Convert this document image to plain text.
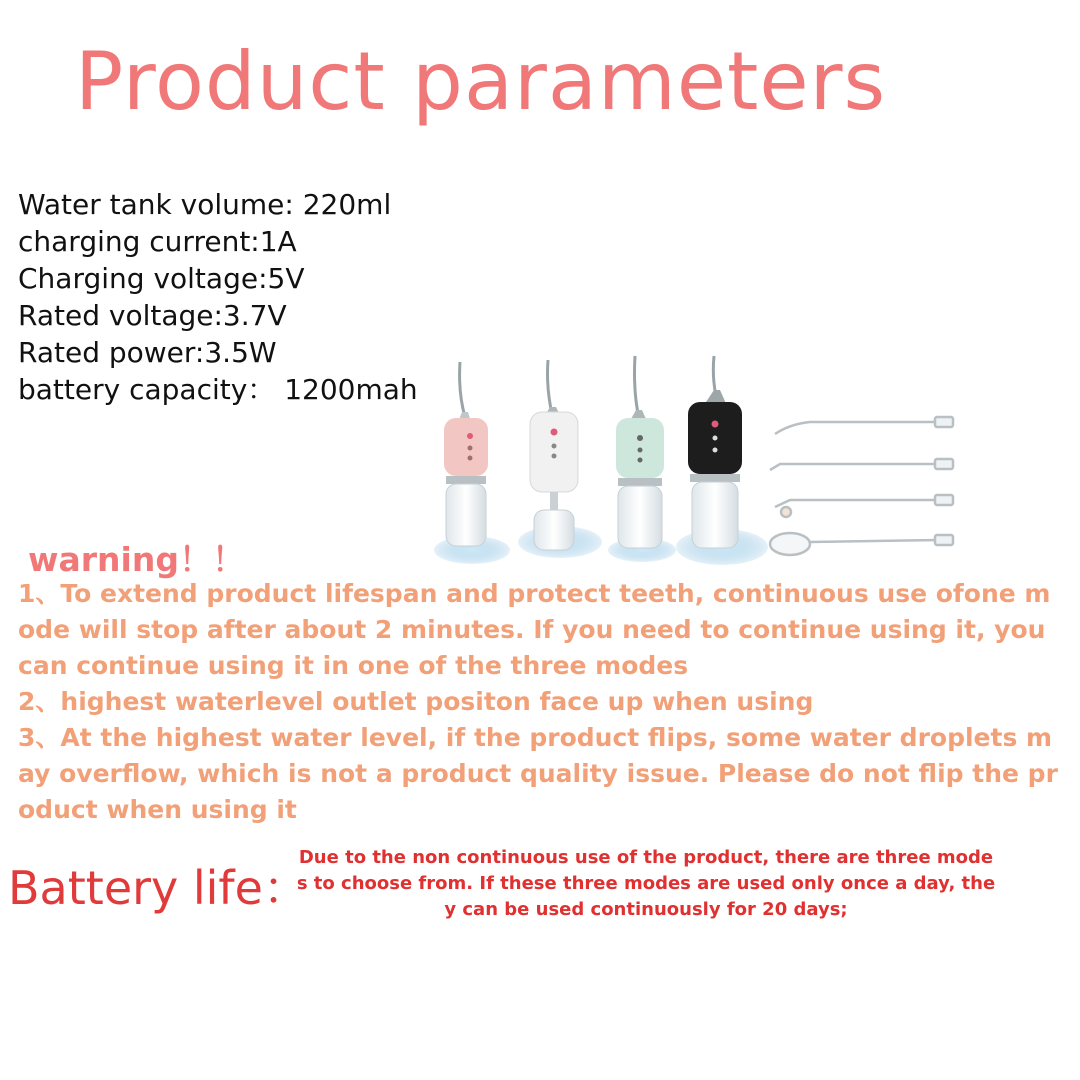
Product parameters
Water tank volume: 220ml
charging current:1A
Charging voltage:5V
Rated voltage:3.7V
Rated power:3.5W
battery capacity： 1200mah
warning！！
1、To extend product lifespan and protect teeth, continuous use ofone mode will stop after about 2 minutes. If you need to continue using it, you can continue using it in one of the three modes
2、highest waterlevel outlet positon face up when using
3、At the highest water level, if the product flips, some water droplets may overflow, which is not a product quality issue. Please do not flip the product when using it
Battery life：
Due to the non continuous use of the product, there are three modes to choose from. If these three modes are used only once a day, they can be used continuously for 20 days;
